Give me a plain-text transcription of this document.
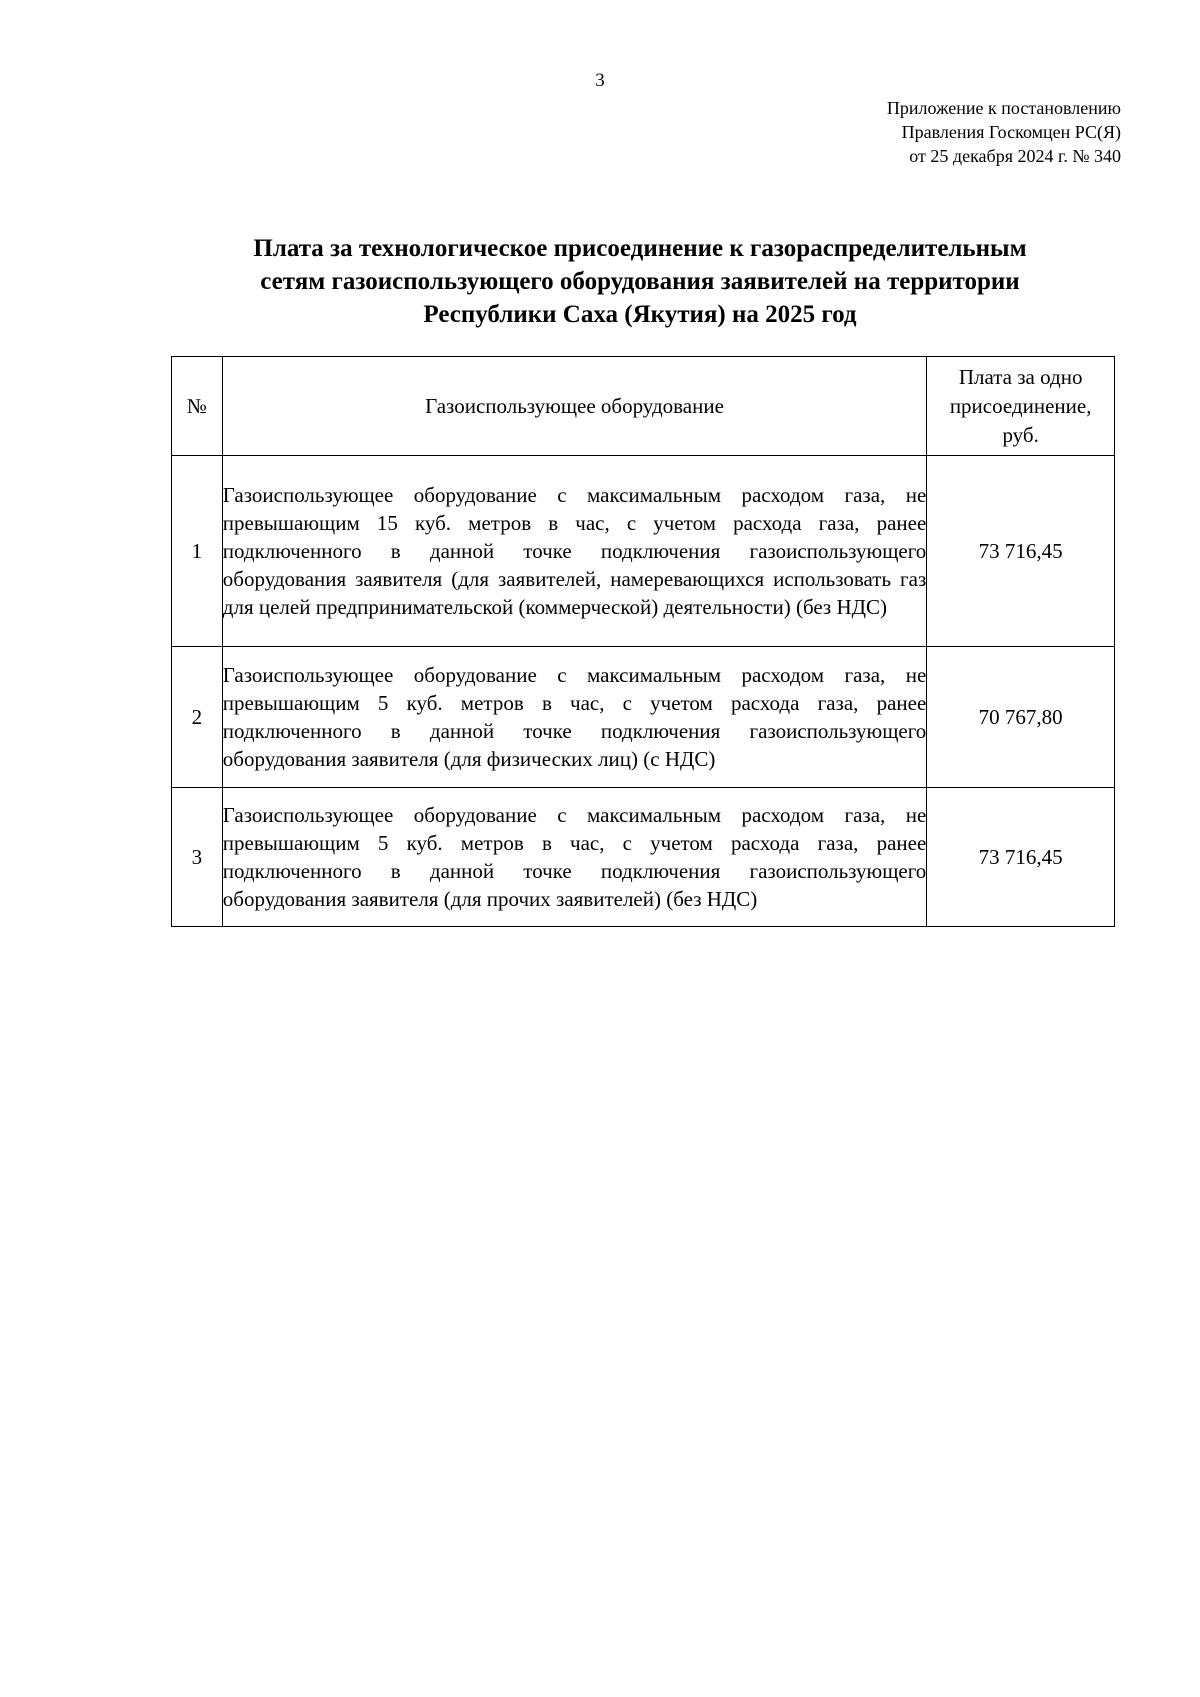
3
Приложение к постановлению
Правления Госкомцен РС(Я)
от 25 декабря 2024 г. № 340
Плата за технологическое присоединение к газораспределительным
сетям газоиспользующего оборудования заявителей на территории
Республики Саха (Якутия) на 2025 год
№	Газоиспользующее оборудование	Плата за одно
присоединение,
руб.

1	Газоиспользующее оборудование с максимальным расходом газа, не превышающим 15 куб. метров в час, с учетом расхода газа, ранее подключенного в данной точке подключения газоиспользующего оборудования заявителя (для заявителей, намеревающихся использовать газ для целей предпринимательской (коммерческой) деятельности) (без НДС)	73 716,45
2	Газоиспользующее оборудование с максимальным расходом газа, не превышающим 5 куб. метров в час, с учетом расхода газа, ранее подключенного в данной точке подключения газоиспользующего оборудования заявителя (для физических лиц) (с НДС)	70 767,80
3	Газоиспользующее оборудование с максимальным расходом газа, не превышающим 5 куб. метров в час, с учетом расхода газа, ранее подключенного в данной точке подключения газоиспользующего оборудования заявителя (для прочих заявителей) (без НДС)	73 716,45
